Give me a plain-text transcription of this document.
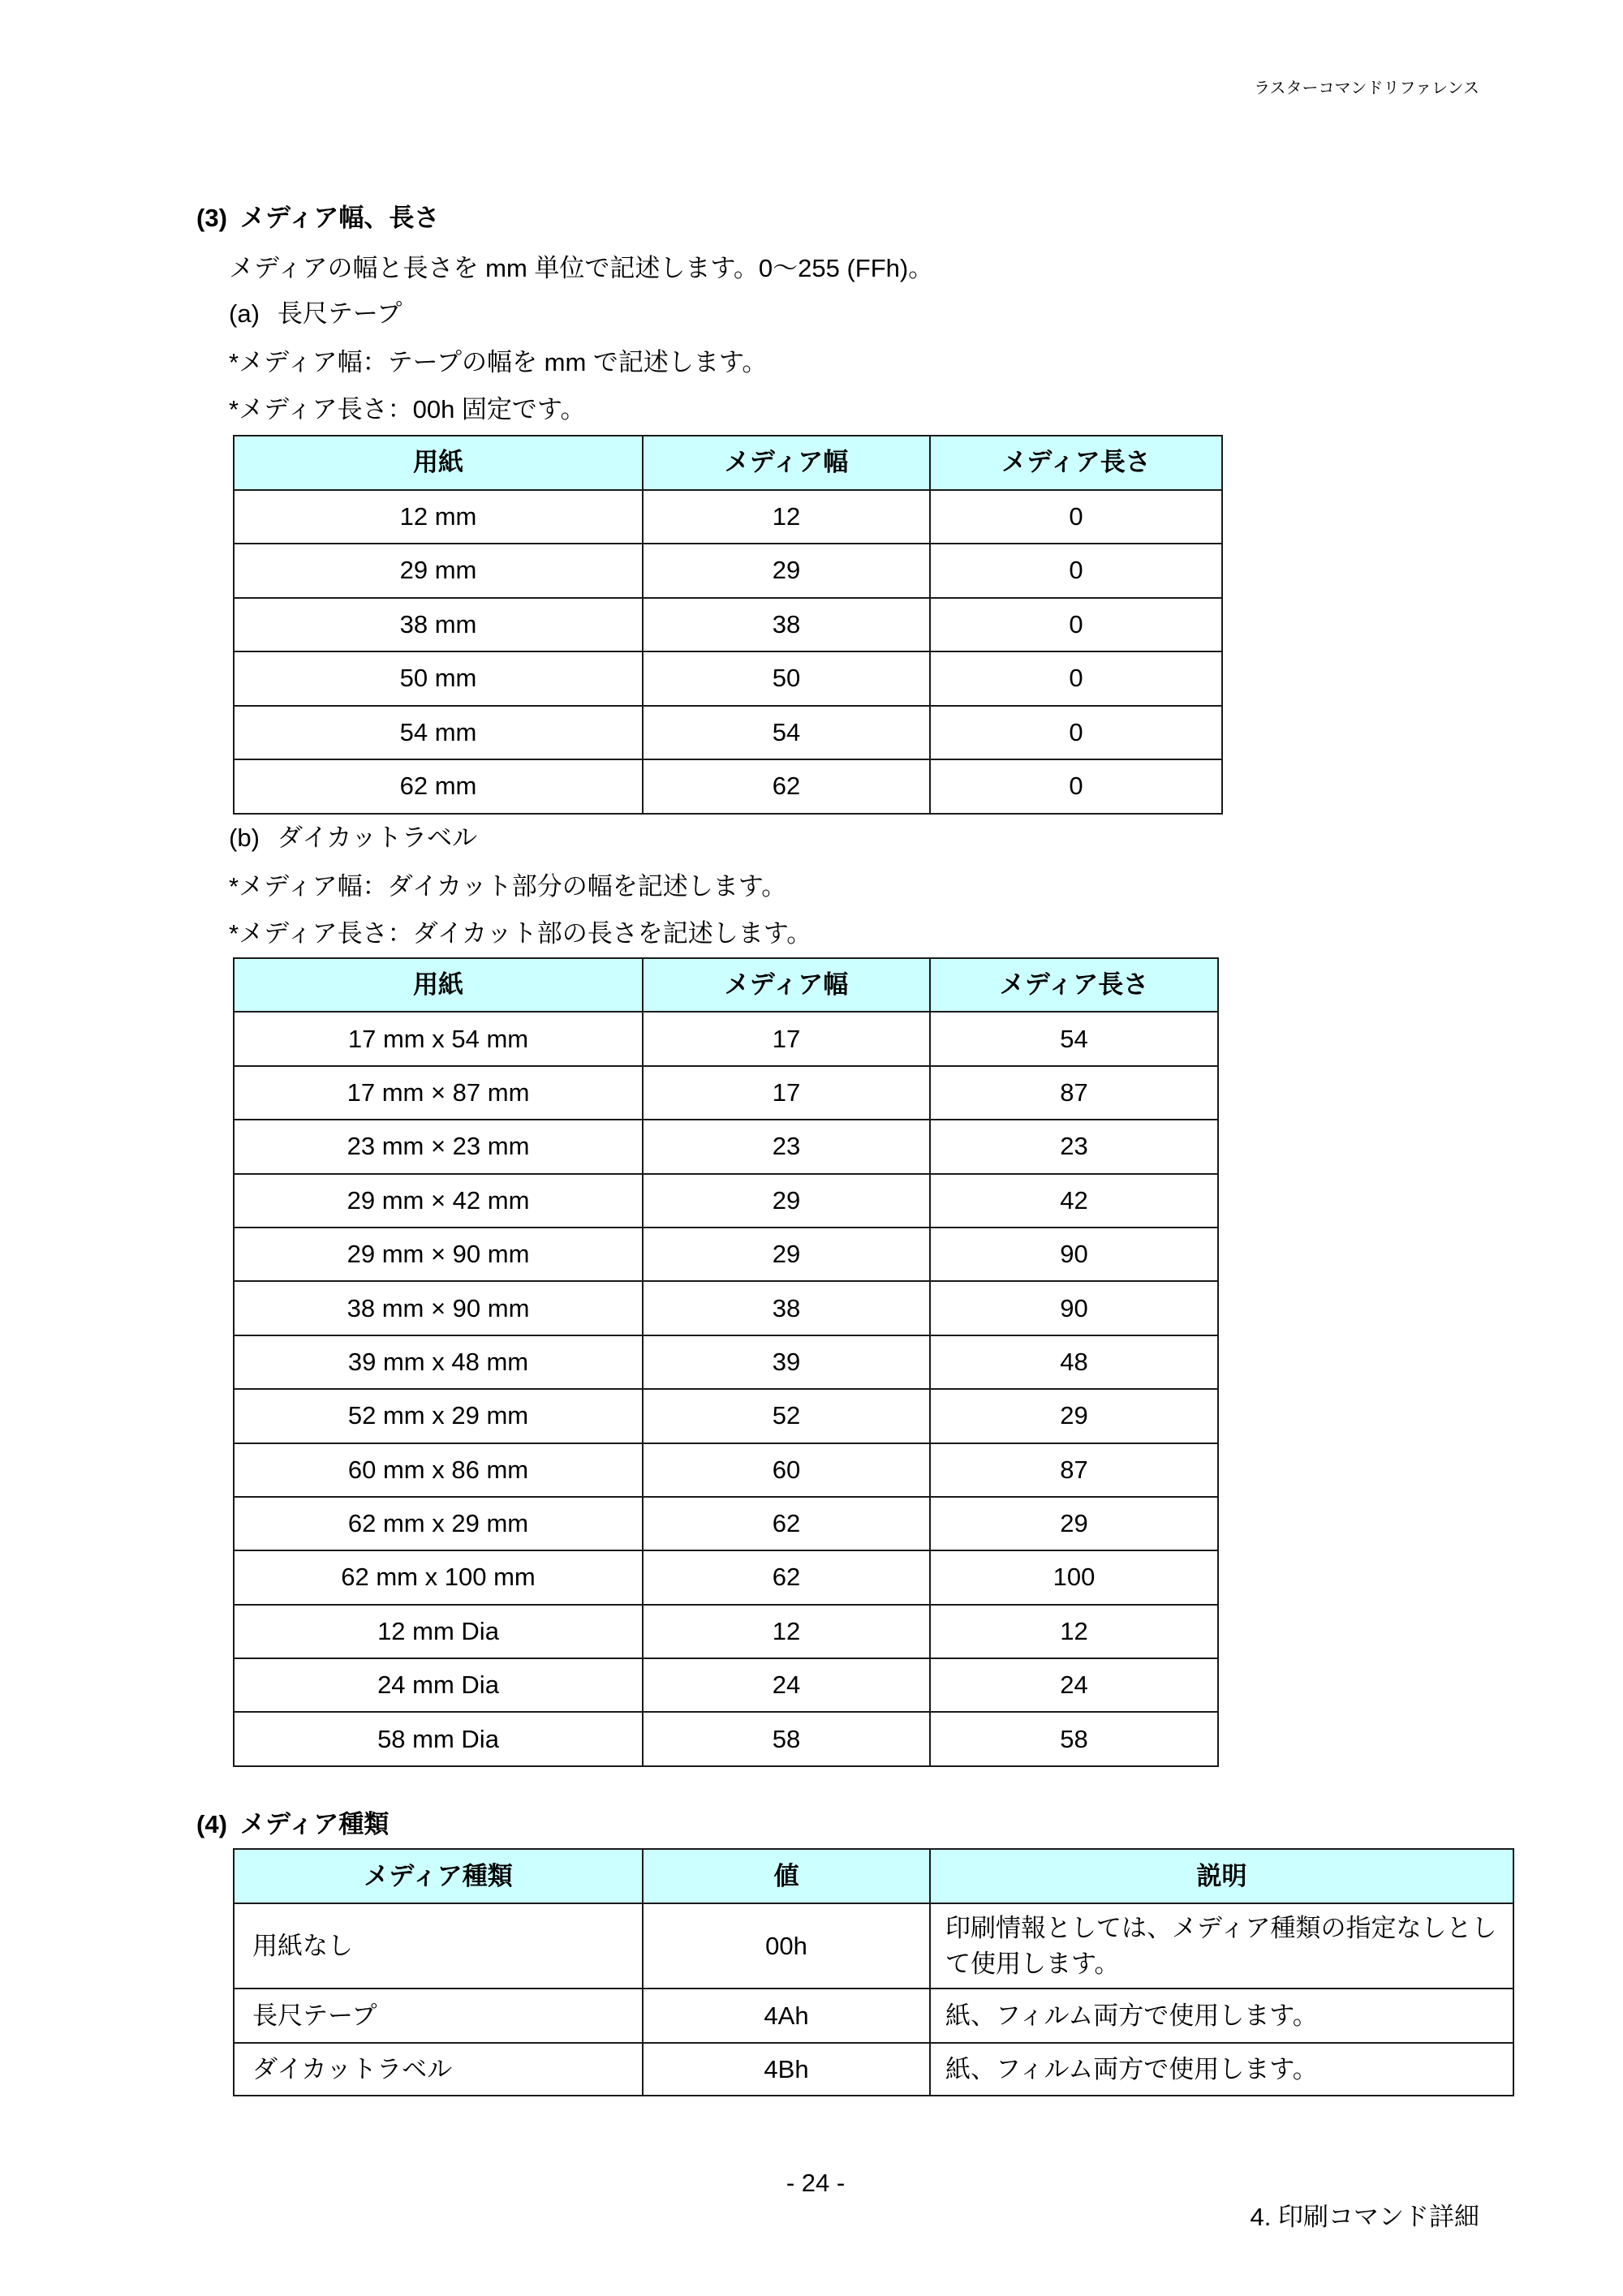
ラスターコマンドリファレンス
(3) メディア幅、長さ
メディアの幅と長さを mm 単位で記述します。0〜255 (FFh)。
(a) 長尺テープ
*メディア幅：テープの幅を mm で記述します。
*メディア長さ：00h 固定です。
用紙	メディア幅	メディア長さ
12 mm	12	0
29 mm	29	0
38 mm	38	0
50 mm	50	0
54 mm	54	0
62 mm	62	0
(b) ダイカットラベル
*メディア幅：ダイカット部分の幅を記述します。
*メディア長さ：ダイカット部の長さを記述します。
用紙	メディア幅	メディア長さ
17 mm x 54 mm	17	54
17 mm × 87 mm	17	87
23 mm × 23 mm	23	23
29 mm × 42 mm	29	42
29 mm × 90 mm	29	90
38 mm × 90 mm	38	90
39 mm x 48 mm	39	48
52 mm x 29 mm	52	29
60 mm x 86 mm	60	87
62 mm x 29 mm	62	29
62 mm x 100 mm	62	100
12 mm Dia	12	12
24 mm Dia	24	24
58 mm Dia	58	58
(4) メディア種類
メディア種類	値	説明
用紙なし	00h	印刷情報としては、メディア種類の指定なしとして使用します。
長尺テープ	4Ah	紙、フィルム両方で使用します。
ダイカットラベル	4Bh	紙、フィルム両方で使用します。
- 24 -
4. 印刷コマンド詳細
